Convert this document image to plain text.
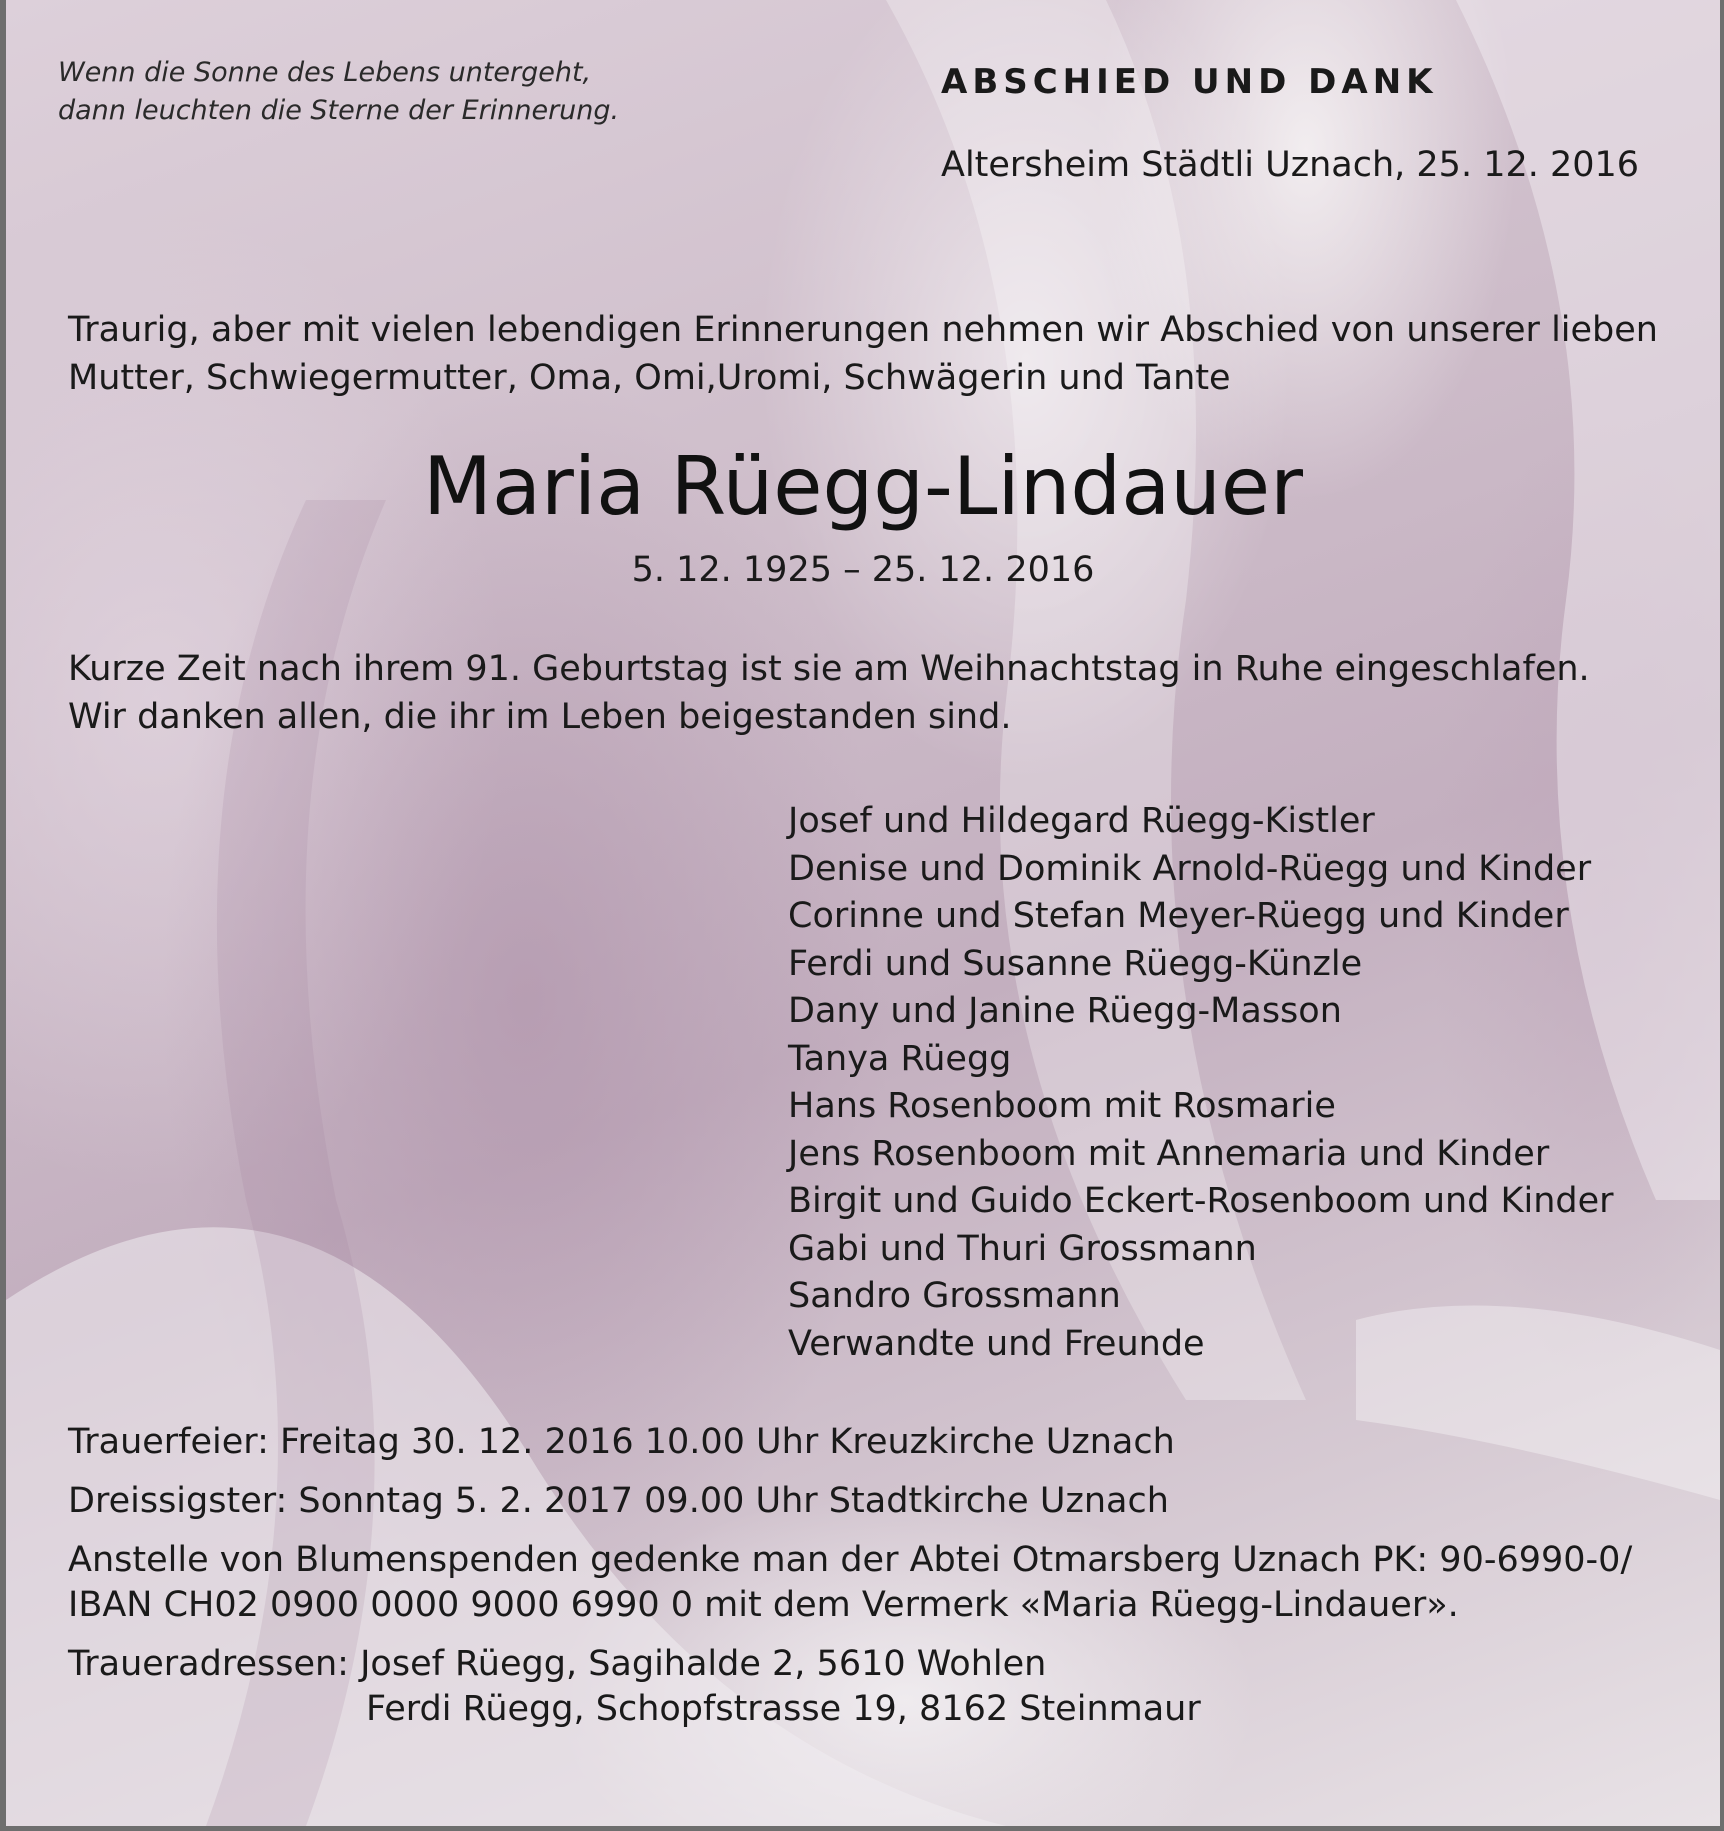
Wenn die Sonne des Lebens untergeht,
dann leuchten die Sterne der Erinnerung.
ABSCHIED UND DANK
Altersheim Städtli Uznach, 25. 12. 2016
Traurig, aber mit vielen lebendigen Erinnerungen nehmen wir Abschied von unserer lieben Mutter, Schwiegermutter, Oma, Omi,Uromi, Schwägerin und Tante
Maria Rüegg-Lindauer
5. 12. 1925 – 25. 12. 2016
Kurze Zeit nach ihrem 91. Geburtstag ist sie am Weihnachtstag in Ruhe eingeschlafen.
Wir danken allen, die ihr im Leben beigestanden sind.
Josef und Hildegard Rüegg-Kistler
Denise und Dominik Arnold-Rüegg und Kinder
Corinne und Stefan Meyer-Rüegg und Kinder
Ferdi und Susanne Rüegg-Künzle
Dany und Janine Rüegg-Masson
Tanya Rüegg
Hans Rosenboom mit Rosmarie
Jens Rosenboom mit Annemaria und Kinder
Birgit und Guido Eckert-Rosenboom und Kinder
Gabi und Thuri Grossmann
Sandro Grossmann
Verwandte und Freunde
Trauerfeier: Freitag 30. 12. 2016 10.00 Uhr Kreuzkirche Uznach
Dreissigster: Sonntag 5. 2. 2017 09.00 Uhr Stadtkirche Uznach
Anstelle von Blumenspenden gedenke man der Abtei Otmarsberg Uznach PK: 90-6990-0/
IBAN CH02 0900 0000 9000 6990 0 mit dem Vermerk «Maria Rüegg-Lindauer».
Traueradressen: Josef Rüegg, Sagihalde 2, 5610 Wohlen
Ferdi Rüegg, Schopfstrasse 19, 8162 Steinmaur
